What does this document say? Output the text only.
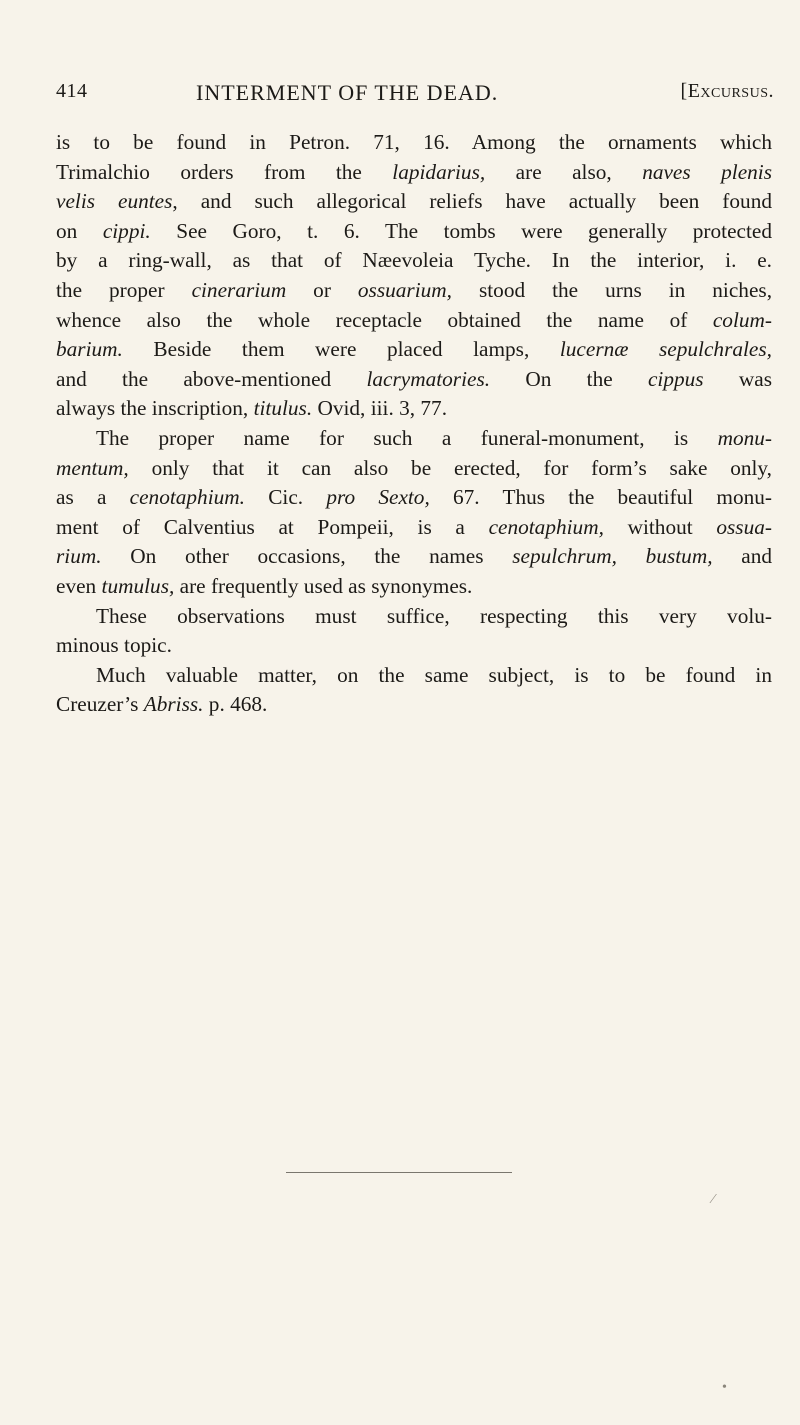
414	INTERMENT OF THE DEAD.	[Excursus.
is to be found in Petron. 71, 16. Among the ornaments which
Trimalchio orders from the lapidarius, are also, naves plenis
velis euntes, and such allegorical reliefs have actually been found
on cippi. See Goro, t. 6. The tombs were generally protected
by a ring-wall, as that of Næevoleia Tyche. In the interior, i. e.
the proper cinerarium or ossuarium, stood the urns in niches,
whence also the whole receptacle obtained the name of colum-
barium. Beside them were placed lamps, lucernæ sepulchrales,
and the above-mentioned lacrymatories. On the cippus was
always the inscription, titulus. Ovid, iii. 3, 77.
The proper name for such a funeral-monument, is monu-
mentum, only that it can also be erected, for form’s sake only,
as a cenotaphium. Cic. pro Sexto, 67. Thus the beautiful monu-
ment of Calventius at Pompeii, is a cenotaphium, without ossua-
rium. On other occasions, the names sepulchrum, bustum, and
even tumulus, are frequently used as synonymes.
These observations must suffice, respecting this very volu-
minous topic.
Much valuable matter, on the same subject, is to be found in
Creuzer’s Abriss. p. 468.
⁄
•
